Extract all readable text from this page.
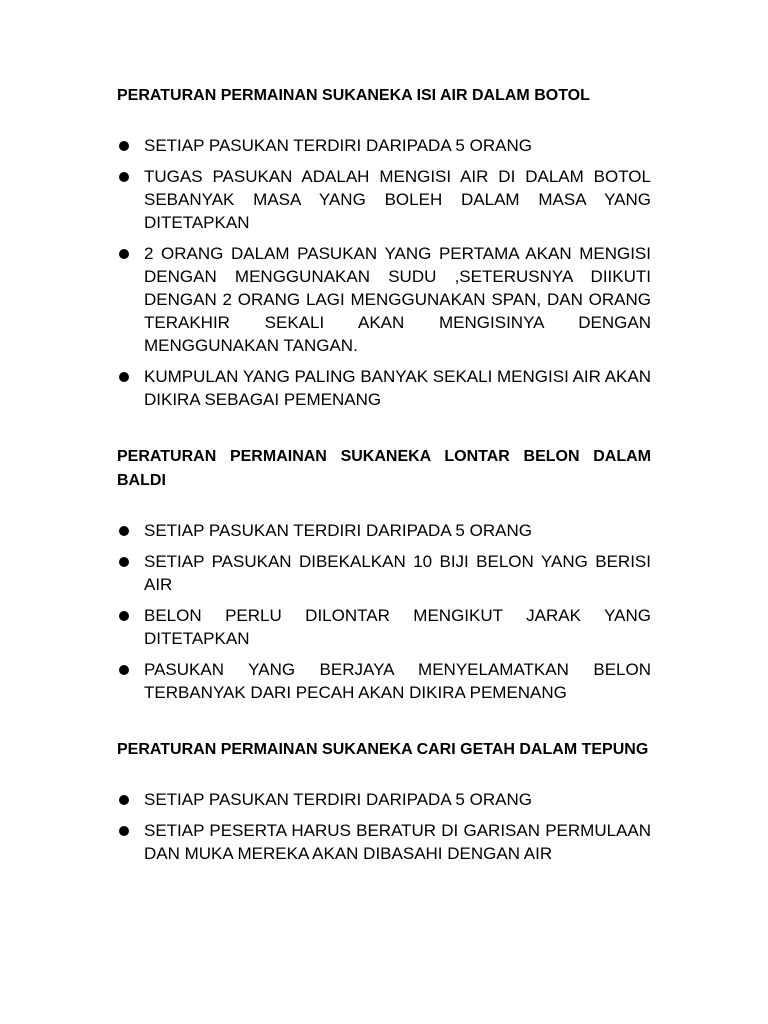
PERATURAN PERMAINAN SUKANEKA ISI AIR DALAM BOTOL

SETIAP PASUKAN TERDIRI DARIPADA 5 ORANG
TUGAS PASUKAN ADALAH MENGISI AIR DI DALAM BOTOL SEBANYAK MASA YANG BOLEH DALAM MASA YANG DITETAPKAN
2 ORANG DALAM PASUKAN YANG PERTAMA AKAN MENGISI DENGAN MENGGUNAKAN SUDU ,SETERUSNYA DIIKUTI DENGAN 2 ORANG LAGI MENGGUNAKAN SPAN, DAN ORANG TERAKHIR SEKALI AKAN MENGISINYA DENGAN MENGGUNAKAN TANGAN.
KUMPULAN YANG PALING BANYAK SEKALI MENGISI AIR AKAN DIKIRA SEBAGAI PEMENANG

PERATURAN PERMAINAN SUKANEKA LONTAR BELON DALAM BALDI

SETIAP PASUKAN TERDIRI DARIPADA 5 ORANG
SETIAP PASUKAN DIBEKALKAN 10 BIJI BELON YANG BERISI AIR
BELON PERLU DILONTAR MENGIKUT JARAK YANG DITETAPKAN
PASUKAN YANG BERJAYA MENYELAMATKAN BELON TERBANYAK DARI PECAH AKAN DIKIRA PEMENANG

PERATURAN PERMAINAN SUKANEKA CARI GETAH DALAM TEPUNG

SETIAP PASUKAN TERDIRI DARIPADA 5 ORANG
SETIAP PESERTA HARUS BERATUR DI GARISAN PERMULAAN DAN MUKA MEREKA AKAN DIBASAHI DENGAN AIR
